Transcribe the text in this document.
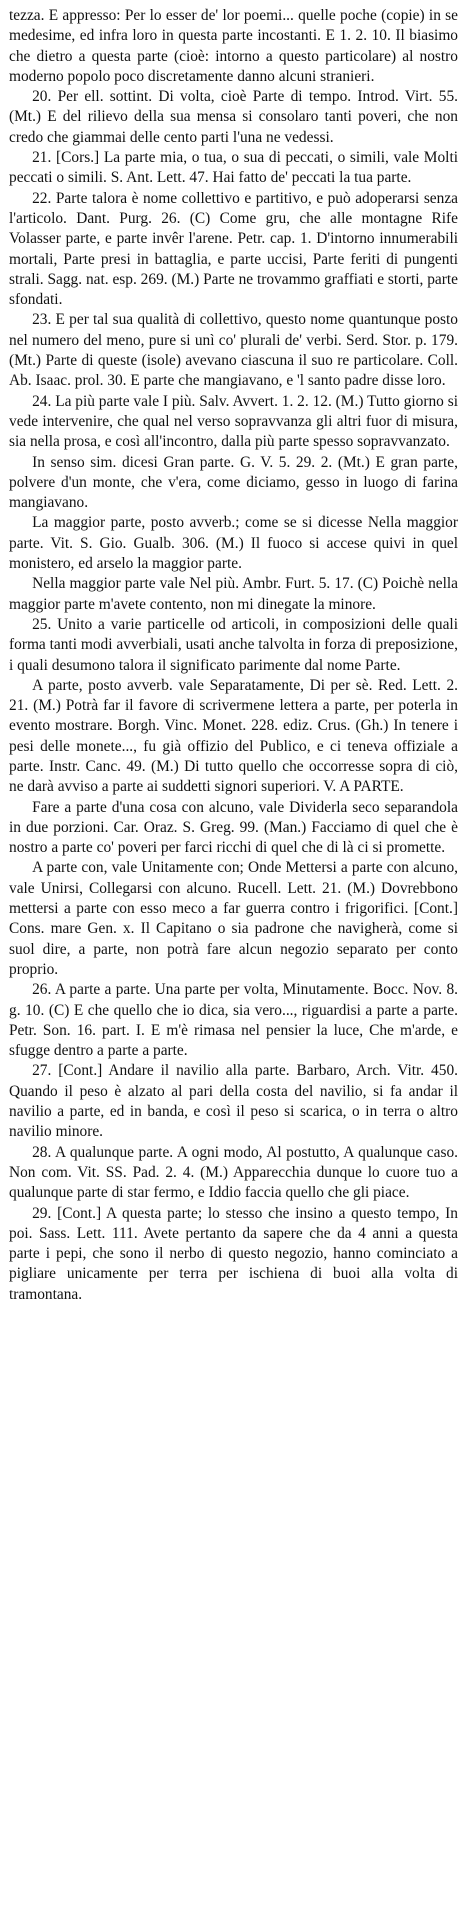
tezza. E appresso: Per lo esser de' lor poemi... quelle poche (copie) in se medesime, ed infra loro in questa parte incostanti. E 1. 2. 10. Il biasimo che dietro a questa parte (cioè: intorno a questo particolare) al nostro moderno popolo poco discretamente danno alcuni stranieri.

20. Per ell. sottint. Di volta, cioè Parte di tempo. Introd. Virt. 55. (Mt.) E del rilievo della sua mensa si consolaro tanti poveri, che non credo che giammai delle cento parti l'una ne vedessi.

21. [Cors.] La parte mia, o tua, o sua di peccati, o simili, vale Molti peccati o simili. S. Ant. Lett. 47. Hai fatto de' peccati la tua parte.

22. Parte talora è nome collettivo e partitivo, e può adoperarsi senza l'articolo. Dant. Purg. 26. (C) Come gru, che alle montagne Rife Volasser parte, e parte invêr l'arene. Petr. cap. 1. D'intorno innumerabili mortali, Parte presi in battaglia, e parte uccisi, Parte feriti di pungenti strali. Sagg. nat. esp. 269. (M.) Parte ne trovammo graffiati e storti, parte sfondati.

23. E per tal sua qualità di collettivo, questo nome quantunque posto nel numero del meno, pure si unì co' plurali de' verbi. Serd. Stor. p. 179. (Mt.) Parte di queste (isole) avevano ciascuna il suo re particolare. Coll. Ab. Isaac. prol. 30. E parte che mangiavano, e 'l santo padre disse loro.

24. La più parte vale I più. Salv. Avvert. 1. 2. 12. (M.) Tutto giorno si vede intervenire, che qual nel verso sopravvanza gli altri fuor di misura, sia nella prosa, e così all'incontro, dalla più parte spesso sopravvanzato.

In senso sim. dicesi Gran parte. G. V. 5. 29. 2. (Mt.) E gran parte, polvere d'un monte, che v'era, come diciamo, gesso in luogo di farina mangiavano.

La maggior parte, posto avverb.; come se si dicesse Nella maggior parte. Vit. S. Gio. Gualb. 306. (M.) Il fuoco si accese quivi in quel monistero, ed arselo la maggior parte.

Nella maggior parte vale Nel più. Ambr. Furt. 5. 17. (C) Poichè nella maggior parte m'avete contento, non mi dinegate la minore.

25. Unito a varie particelle od articoli, in composizioni delle quali forma tanti modi avverbiali, usati anche talvolta in forza di preposizione, i quali desumono talora il significato parimente dal nome Parte.

A parte, posto avverb. vale Separatamente, Di per sè. Red. Lett. 2. 21. (M.) Potrà far il favore di scrivermene lettera a parte, per poterla in evento mostrare. Borgh. Vinc. Monet. 228. ediz. Crus. (Gh.) In tenere i pesi delle monete..., fu già offizio del Publico, e ci teneva offiziale a parte. Instr. Canc. 49. (M.) Di tutto quello che occorresse sopra di ciò, ne darà avviso a parte ai suddetti signori superiori. V. A PARTE.

Fare a parte d'una cosa con alcuno, vale Dividerla seco separandola in due porzioni. Car. Oraz. S. Greg. 99. (Man.) Facciamo di quel che è nostro a parte co' poveri per farci ricchi di quel che di là ci si promette.

A parte con, vale Unitamente con; Onde Mettersi a parte con alcuno, vale Unirsi, Collegarsi con alcuno. Rucell. Lett. 21. (M.) Dovrebbono mettersi a parte con esso meco a far guerra contro i frigorifici. [Cont.] Cons. mare Gen. x. Il Capitano o sia padrone che navigherà, come si suol dire, a parte, non potrà fare alcun negozio separato per conto proprio.

26. A parte a parte. Una parte per volta, Minutamente. Bocc. Nov. 8. g. 10. (C) E che quello che io dica, sia vero..., riguardisi a parte a parte. Petr. Son. 16. part. I. E m'è rimasa nel pensier la luce, Che m'arde, e sfugge dentro a parte a parte.

27. [Cont.] Andare il navilio alla parte. Barbaro, Arch. Vitr. 450. Quando il peso è alzato al pari della costa del navilio, si fa andar il navilio a parte, ed in banda, e così il peso si scarica, o in terra o altro navilio minore.

28. A qualunque parte. A ogni modo, Al postutto, A qualunque caso. Non com. Vit. SS. Pad. 2. 4. (M.) Apparecchia dunque lo cuore tuo a qualunque parte di star fermo, e Iddio faccia quello che gli piace.

29. [Cont.] A questa parte; lo stesso che insino a questo tempo, In poi. Sass. Lett. 111. Avete pertanto da sapere che da 4 anni a questa parte i pepi, che sono il nerbo di questo negozio, hanno cominciato a pigliare unicamente per terra per ischiena di buoi alla volta di tramontana.
